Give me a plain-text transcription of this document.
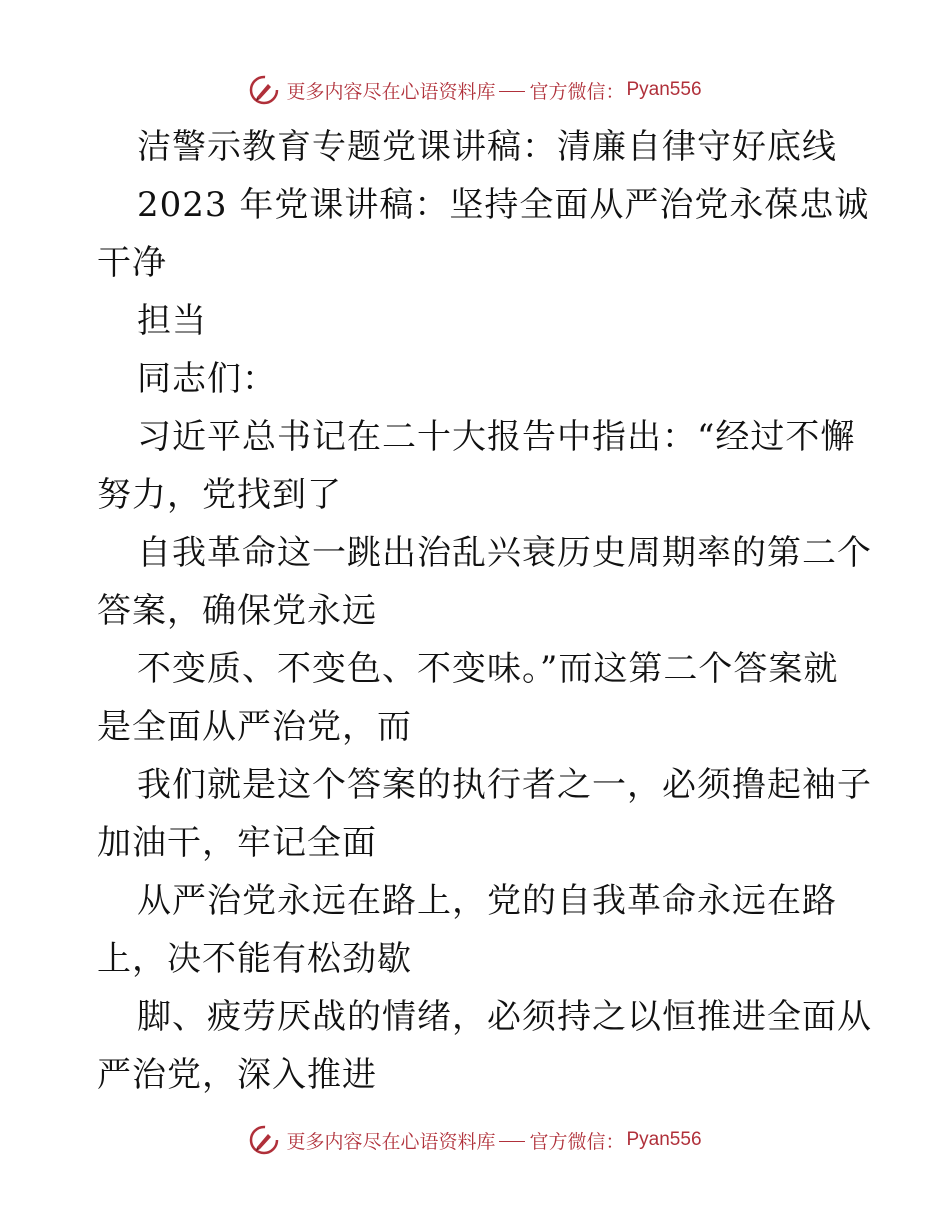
更多内容尽在心语资料库 官方微信： Pyan556
洁警示教育专题党课讲稿：清廉自律守好底线
2023 年党课讲稿：坚持全面从严治党永葆忠诚
干净
担当
同志们：
习近平总书记在二十大报告中指出：“经过不懈
努力，党找到了
自我革命这一跳出治乱兴衰历史周期率的第二个
答案，确保党永远
不变质、不变色、不变味。”而这第二个答案就
是全面从严治党，而
我们就是这个答案的执行者之一，必须撸起袖子
加油干，牢记全面
从严治党永远在路上，党的自我革命永远在路
上，决不能有松劲歇
脚、疲劳厌战的情绪，必须持之以恒推进全面从
严治党，深入推进
更多内容尽在心语资料库 官方微信： Pyan556
